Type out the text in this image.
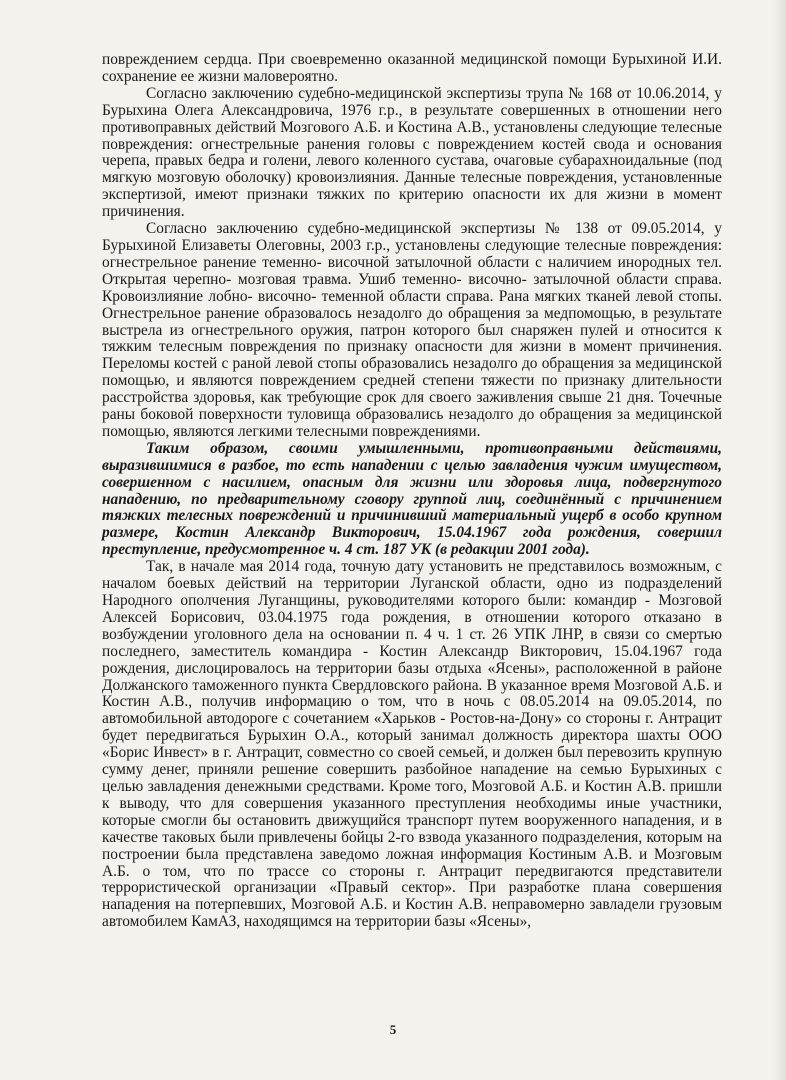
повреждением сердца. При своевременно оказанной медицинской помощи Бурыхиной И.И. сохранение ее жизни маловероятно.

Согласно заключению судебно-медицинской экспертизы трупа № 168 от 10.06.2014, у Бурыхина Олега Александровича, 1976 г.р., в результате совершенных в отношении него противоправных действий Мозгового А.Б. и Костина А.В., установлены следующие телесные повреждения: огнестрельные ранения головы с повреждением костей свода и основания черепа, правых бедра и голени, левого коленного сустава, очаговые субарахноидальные (под мягкую мозговую оболочку) кровоизлияния. Данные телесные повреждения, установленные экспертизой, имеют признаки тяжких по критерию опасности их для жизни в момент причинения.

Согласно заключению судебно-медицинской экспертизы № 138 от 09.05.2014, у Бурыхиной Елизаветы Олеговны, 2003 г.р., установлены следующие телесные повреждения: огнестрельное ранение теменно- височной затылочной области с наличием инородных тел. Открытая черепно- мозговая травма. Ушиб теменно- височно- затылочной области справа. Кровоизлияние лобно- височно- теменной области справа. Рана мягких тканей левой стопы. Огнестрельное ранение образовалось незадолго до обращения за медпомощью, в результате выстрела из огнестрельного оружия, патрон которого был снаряжен пулей и относится к тяжким телесным повреждения по признаку опасности для жизни в момент причинения. Переломы костей с раной левой стопы образовались незадолго до обращения за медицинской помощью, и являются повреждением средней степени тяжести по признаку длительности расстройства здоровья, как требующие срок для своего заживления свыше 21 дня. Точечные раны боковой поверхности туловища образовались незадолго до обращения за медицинской помощью, являются легкими телесными повреждениями.

Таким образом, своими умышленными, противоправными действиями, выразившимися в разбое, то есть нападении с целью завладения чужим имуществом, совершенном с насилием, опасным для жизни или здоровья лица, подвергнутого нападению, по предварительному сговору группой лиц, соединённый с причинением тяжких телесных повреждений и причинивший материальный ущерб в особо крупном размере, Костин Александр Викторович, 15.04.1967 года рождения, совершил преступление, предусмотренное ч. 4 ст. 187 УК (в редакции 2001 года).

Так, в начале мая 2014 года, точную дату установить не представилось возможным, с началом боевых действий на территории Луганской области, одно из подразделений Народного ополчения Луганщины, руководителями которого были: командир - Мозговой Алексей Борисович, 03.04.1975 года рождения, в отношении которого отказано в возбуждении уголовного дела на основании п. 4 ч. 1 ст. 26 УПК ЛНР, в связи со смертью последнего, заместитель командира - Костин Александр Викторович, 15.04.1967 года рождения, дислоцировалось на территории базы отдыха «Ясены», расположенной в районе Должанского таможенного пункта Свердловского района. В указанное время Мозговой А.Б. и Костин А.В., получив информацию о том, что в ночь с 08.05.2014 на 09.05.2014, по автомобильной автодороге с сочетанием «Харьков - Ростов-на-Дону» со стороны г. Антрацит будет передвигаться Бурыхин О.А., который занимал должность директора шахты ООО «Борис Инвест» в г. Антрацит, совместно со своей семьей, и должен был перевозить крупную сумму денег, приняли решение совершить разбойное нападение на семью Бурыхиных с целью завладения денежными средствами. Кроме того, Мозговой А.Б. и Костин А.В. пришли к выводу, что для совершения указанного преступления необходимы иные участники, которые смогли бы остановить движущийся транспорт путем вооруженного нападения, и в качестве таковых были привлечены бойцы 2-го взвода указанного подразделения, которым на построении была представлена заведомо ложная информация Костиным А.В. и Мозговым А.Б. о том, что по трассе со стороны г. Антрацит передвигаются представители террористической организации «Правый сектор». При разработке плана совершения нападения на потерпевших, Мозговой А.Б. и Костин А.В. неправомерно завладели грузовым автомобилем КамАЗ, находящимся на территории базы «Ясены»,

5
